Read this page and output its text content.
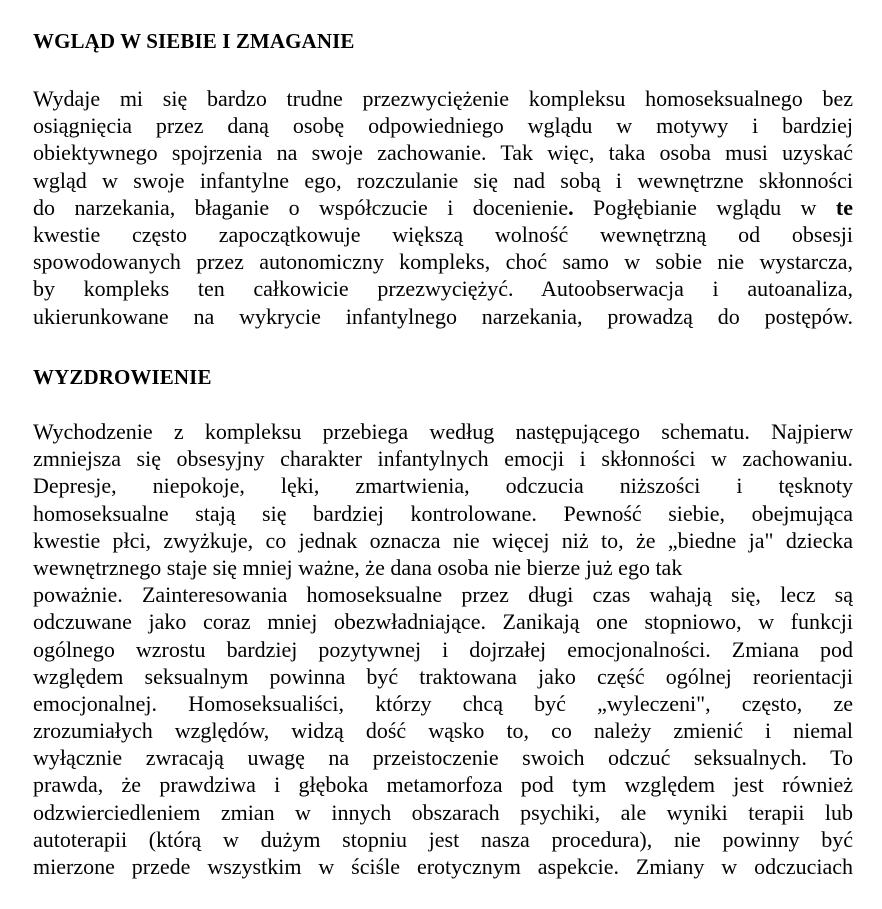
WGLĄD W SIEBIE I ZMAGANIE
Wydaje mi się bardzo trudne przezwyciężenie kompleksu homoseksualnego bez
osiągnięcia przez daną osobę odpowiedniego wglądu w motywy i bardziej
obiektywnego spojrzenia na swoje zachowanie. Tak więc, taka osoba musi uzyskać
wgląd w swoje infantylne ego, rozczulanie się nad sobą i wewnętrzne skłonności
do narzekania, błaganie o współczucie i docenienie. Pogłębianie wglądu w te
kwestie często zapoczątkowuje większą wolność wewnętrzną od obsesji
spowodowanych przez autonomiczny kompleks, choć samo w sobie nie wystarcza,
by kompleks ten całkowicie przezwyciężyć. Autoobserwacja i autoanaliza,
ukierunkowane na wykrycie infantylnego narzekania, prowadzą do postępów.
WYZDROWIENIE
Wychodzenie z kompleksu przebiega według następującego schematu. Najpierw
zmniejsza się obsesyjny charakter infantylnych emocji i skłonności w zachowaniu.
Depresje, niepokoje, lęki, zmartwienia, odczucia niższości i tęsknoty
homoseksualne stają się bardziej kontrolowane. Pewność siebie, obejmująca
kwestie płci, zwyżkuje, co jednak oznacza nie więcej niż to, że „biedne ja" dziecka
wewnętrznego staje się mniej ważne, że dana osoba nie bierze już ego tak
poważnie. Zainteresowania homoseksualne przez długi czas wahają się, lecz są
odczuwane jako coraz mniej obezwładniające. Zanikają one stopniowo, w funkcji
ogólnego wzrostu bardziej pozytywnej i dojrzałej emocjonalności. Zmiana pod
względem seksualnym powinna być traktowana jako część ogólnej reorientacji
emocjonalnej. Homoseksualiści, którzy chcą być „wyleczeni", często, ze
zrozumiałych względów, widzą dość wąsko to, co należy zmienić i niemal
wyłącznie zwracają uwagę na przeistoczenie swoich odczuć seksualnych. To
prawda, że prawdziwa i głęboka metamorfoza pod tym względem jest również
odzwierciedleniem zmian w innych obszarach psychiki, ale wyniki terapii lub
autoterapii (którą w dużym stopniu jest nasza procedura), nie powinny być
mierzone przede wszystkim w ściśle erotycznym aspekcie. Zmiany w odczuciach
